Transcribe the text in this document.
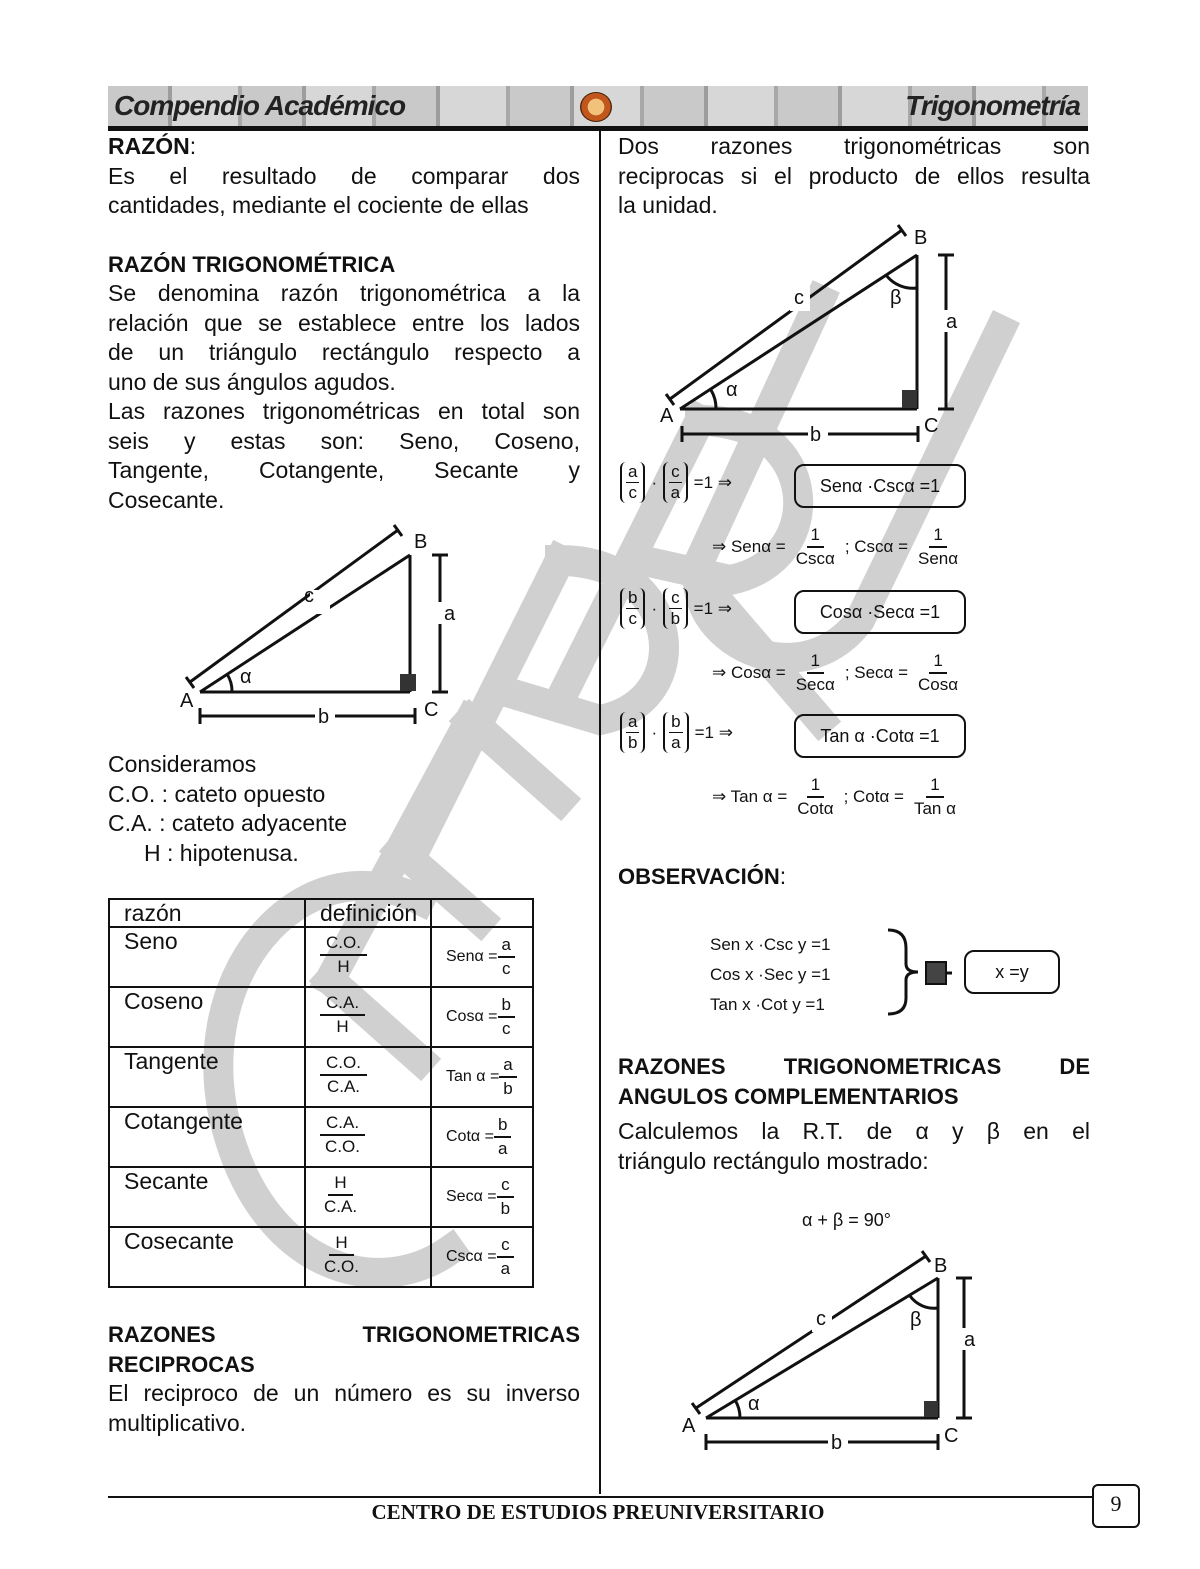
CEPRU
Compendio Académico	Trigonometría

RAZÓN:

Es el resultado de comparar dos

cantidades, mediante el cociente de ellas

RAZÓN TRIGONOMÉTRICA

Se denomina razón trigonométrica a la

relación que se establece entre los lados

de un triángulo rectángulo respecto a

uno de sus ángulos agudos.

Las razones trigonométricas en total son

seis y estas son: Seno, Coseno,

Tangente, Cotangente, Secante y

Cosecante.

A
B
C
c
a
b
α

Consideramos

C.O. : cateto opuesto

C.A. : cateto adyacente

H : hipotenusa.

razón	definición	
Seno	$\frac{C.O.}{H}$	$Sen\alpha = \frac{a}{c}$

Coseno	$\frac{C.A.}{H}$	$Cos\alpha = \frac{b}{c}$

Tangente	$\frac{C.O.}{C.A.}$	Tan $\alpha = \frac{a}{b}$

Cotangente	$\frac{C.A.}{C.O.}$	$Cot\alpha = \frac{b}{a}$

Secante	$\frac{H}{C.A.}$	$Sec\alpha = \frac{c}{b}$

Cosecante	$\frac{H}{C.O.}$	$Csc\alpha = \frac{c}{a}$

RAZONES TRIGONOMETRICAS

RECIPROCAS

El reciproco de un número es su inverso

multiplicativo.

Dos razones trigonométricas son

reciprocas si el producto de ellos resulta

la unidad.

A
B
C
c
a
b
α
β
$\frac{a}{c} \cdot \frac{c}{a} =1$ ⇒	Senα ·Cscα =1
⇒ $Sen\alpha = \frac{1}{\text{Cscα}}$ ; $Csc\alpha = \frac{1}{\text{Senα}}$
$\frac{b}{c} \cdot \frac{c}{b} =1$ ⇒	Cosα ·Secα =1
⇒ $Cos\alpha = \frac{1}{\text{Secα}}$ ; $Sec\alpha = \frac{1}{\text{Cosα}}$
$\frac{a}{b} \cdot \frac{b}{a} =1$ ⇒	Tan α ·Cotα =1
⇒ Tan $\alpha = \frac{1}{\text{Cotα}}$ ; $Cot\alpha = \frac{1}{\text{Tan α}}$

OBSERVACIÓN:

Sen x ·Csc y =1
Cos x ·Sec y =1
Tan x ·Cot y =1
x =y

RAZONES TRIGONOMETRICAS DE

ANGULOS COMPLEMENTARIOS

Calculemos la R.T. de α y β en el

triángulo rectángulo mostrado:

α + β = 90°
A
B
C
c
a
b
α
β
CENTRO DE ESTUDIOS PREUNIVERSITARIO	9
